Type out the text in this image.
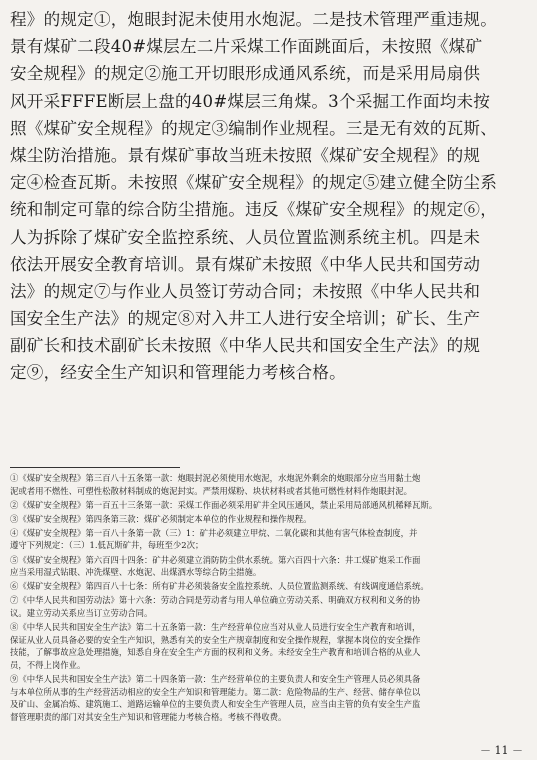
程》的规定①，炮眼封泥未使用水炮泥。二是技术管理严重违规。
景有煤矿二段40#煤层左二片采煤工作面跳面后，未按照《煤矿
安全规程》的规定②施工开切眼形成通风系统，而是采用局扇供
风开采FFFE断层上盘的40#煤层三角煤。3个采掘工作面均未按
照《煤矿安全规程》的规定③编制作业规程。三是无有效的瓦斯、
煤尘防治措施。景有煤矿事故当班未按照《煤矿安全规程》的规
定④检查瓦斯。未按照《煤矿安全规程》的规定⑤建立健全防尘系
统和制定可靠的综合防尘措施。违反《煤矿安全规程》的规定⑥，
人为拆除了煤矿安全监控系统、人员位置监测系统主机。四是未
依法开展安全教育培训。景有煤矿未按照《中华人民共和国劳动
法》的规定⑦与作业人员签订劳动合同；未按照《中华人民共和
国安全生产法》的规定⑧对入井工人进行安全培训；矿长、生产
副矿长和技术副矿长未按照《中华人民共和国安全生产法》的规
定⑨，经安全生产知识和管理能力考核合格。
①《煤矿安全规程》第三百八十五条第一款：炮眼封泥必须使用水炮泥，水炮泥外剩余的炮眼部分应当用黏土炮
泥或者用不燃性、可塑性松散材料制成的炮泥封实。严禁用煤粉、块状材料或者其他可燃性材料作炮眼封泥。
②《煤矿安全规程》第一百五十三条第一款：采煤工作面必须采用矿井全风压通风，禁止采用局部通风机稀释瓦斯。
③《煤矿安全规程》第四条第三款：煤矿必须制定本单位的作业规程和操作规程。
④《煤矿安全规程》第一百八十条第一款（三）1：矿井必须建立甲烷、二氧化碳和其他有害气体检查制度，并
遵守下列规定：（三）1.低瓦斯矿井，每班至少2次；
⑤《煤矿安全规程》第六百四十四条：矿井必须建立消防防尘供水系统。第六百四十六条：井工煤矿炮采工作面
应当采用湿式钻眼、冲洗煤壁、水炮泥、出煤洒水等综合防尘措施。
⑥《煤矿安全规程》第四百八十七条：所有矿井必须装备安全监控系统、人员位置监测系统、有线调度通信系统。
⑦《中华人民共和国劳动法》第十六条：劳动合同是劳动者与用人单位确立劳动关系、明确双方权利和义务的协
议。建立劳动关系应当订立劳动合同。
⑧《中华人民共和国安全生产法》第二十五条第一款：生产经营单位应当对从业人员进行安全生产教育和培训，
保证从业人员具备必要的安全生产知识，熟悉有关的安全生产规章制度和安全操作规程，掌握本岗位的安全操作
技能，了解事故应急处理措施，知悉自身在安全生产方面的权利和义务。未经安全生产教育和培训合格的从业人
员，不得上岗作业。
⑨《中华人民共和国安全生产法》第二十四条第一款：生产经营单位的主要负责人和安全生产管理人员必须具备
与本单位所从事的生产经营活动相应的安全生产知识和管理能力。第二款：危险物品的生产、经营、储存单位以
及矿山、金属冶炼、建筑施工、道路运输单位的主要负责人和安全生产管理人员，应当由主管的负有安全生产监
督管理职责的部门对其安全生产知识和管理能力考核合格。考核不得收费。
－ 11 －
